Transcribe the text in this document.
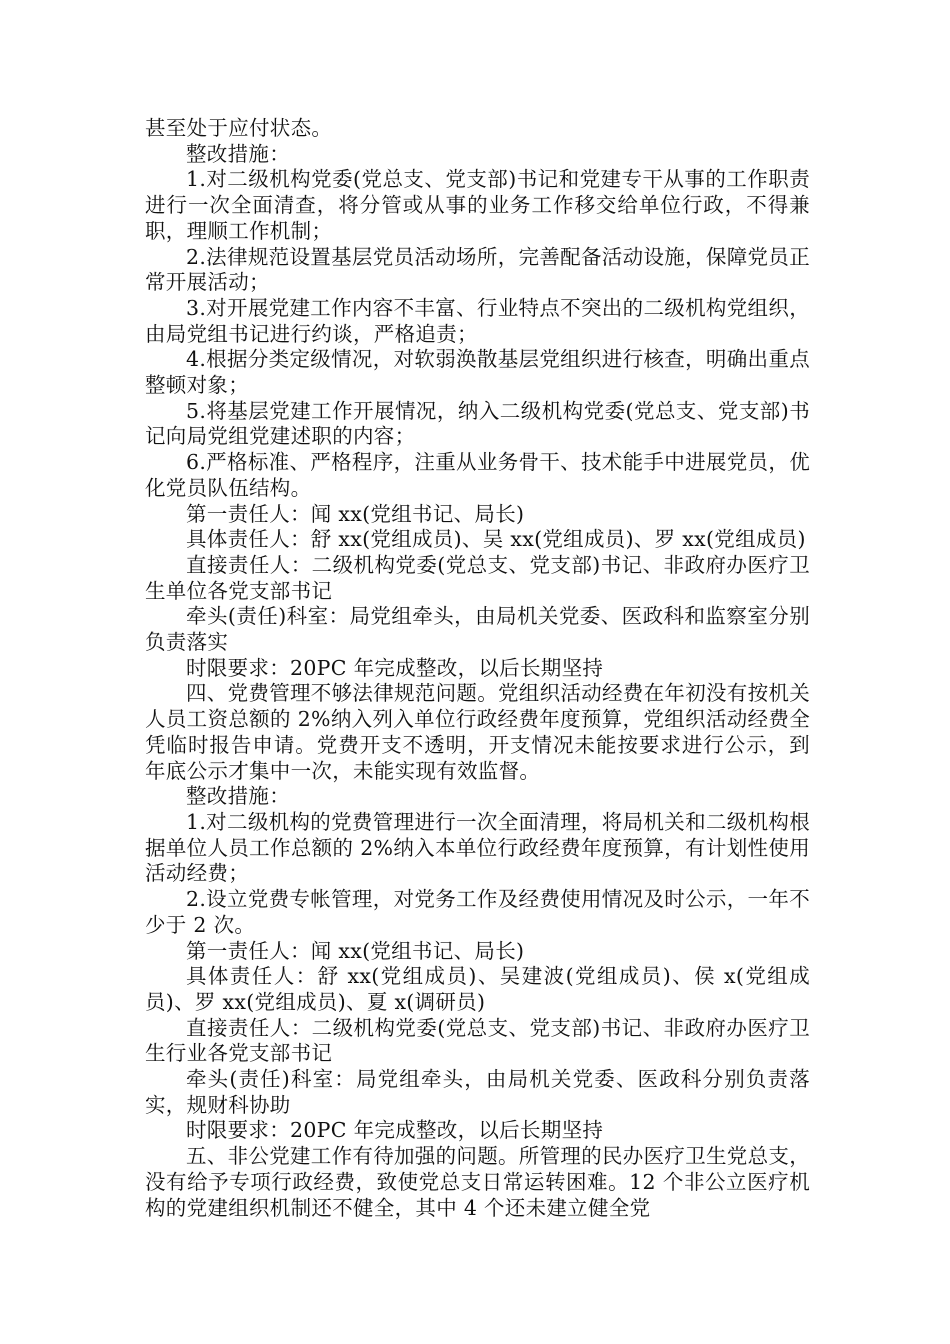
甚至处于应付状态。

整改措施：

1.对二级机构党委(党总支、党支部)书记和党建专干从事的工作职责进行一次全面清查，将分管或从事的业务工作移交给单位行政，不得兼职，理顺工作机制；

2.法律规范设置基层党员活动场所，完善配备活动设施，保障党员正常开展活动；

3.对开展党建工作内容不丰富、行业特点不突出的二级机构党组织，由局党组书记进行约谈，严格追责；

4.根据分类定级情况，对软弱涣散基层党组织进行核查，明确出重点整顿对象；

5.将基层党建工作开展情况，纳入二级机构党委(党总支、党支部)书记向局党组党建述职的内容；

6.严格标准、严格程序，注重从业务骨干、技术能手中进展党员，优化党员队伍结构。

第一责任人：闻 xx(党组书记、局长)

具体责任人：舒 xx(党组成员)、吴 xx(党组成员)、罗 xx(党组成员)

直接责任人：二级机构党委(党总支、党支部)书记、非政府办医疗卫生单位各党支部书记

牵头(责任)科室：局党组牵头，由局机关党委、医政科和监察室分别负责落实

时限要求：20PC 年完成整改，以后长期坚持

四、党费管理不够法律规范问题。党组织活动经费在年初没有按机关人员工资总额的 2%纳入列入单位行政经费年度预算，党组织活动经费全凭临时报告申请。党费开支不透明，开支情况未能按要求进行公示，到年底公示才集中一次，未能实现有效监督。

整改措施：

1.对二级机构的党费管理进行一次全面清理，将局机关和二级机构根据单位人员工作总额的 2%纳入本单位行政经费年度预算，有计划性使用活动经费；

2.设立党费专帐管理，对党务工作及经费使用情况及时公示，一年不少于 2 次。

第一责任人：闻 xx(党组书记、局长)

具体责任人：舒 xx(党组成员)、吴建波(党组成员)、侯 x(党组成员)、罗 xx(党组成员)、夏 x(调研员)

直接责任人：二级机构党委(党总支、党支部)书记、非政府办医疗卫生行业各党支部书记

牵头(责任)科室：局党组牵头，由局机关党委、医政科分别负责落实，规财科协助

时限要求：20PC 年完成整改，以后长期坚持

五、非公党建工作有待加强的问题。所管理的民办医疗卫生党总支，没有给予专项行政经费，致使党总支日常运转困难。12 个非公立医疗机构的党建组织机制还不健全，其中 4 个还未建立健全党
